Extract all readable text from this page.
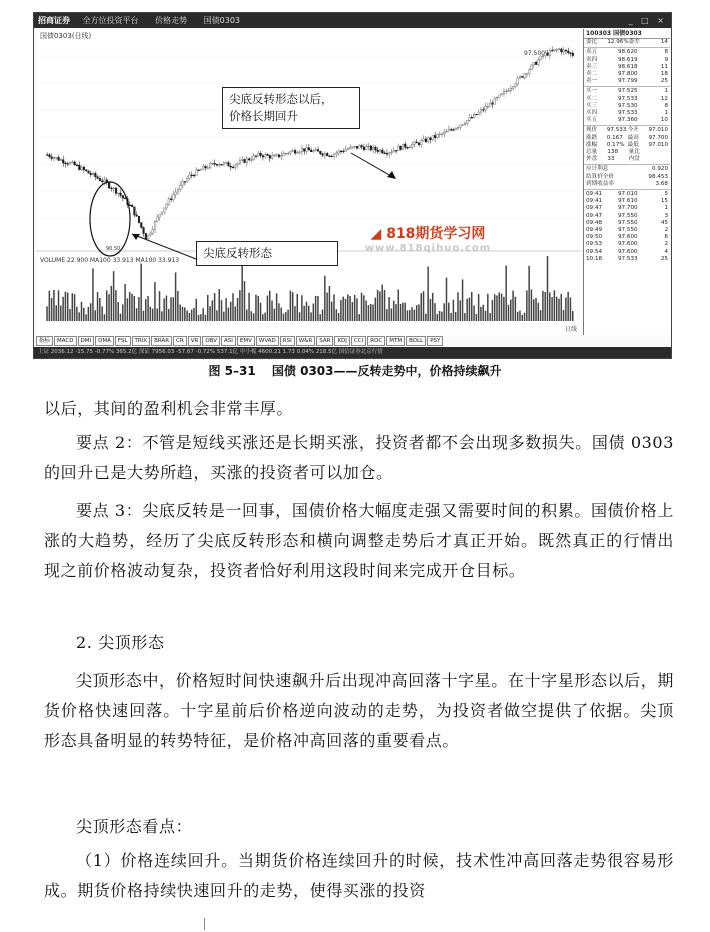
招商证券 全方位投资平台 价格走势 国债0303	_ □ ×
国债0303(日线)
97.500
90.50
VOLUME 22.900 MA100 33.913 MA100 33.913
日线
尖底反转形态以后，
价格长期回升
尖底反转形态
◢ 818期货学习网
www.818qihuo.com
100303 国债0303
委比	12.96% 委差	14
卖五	98.620	8
卖四	98.619	9
卖三	98.618	11
卖二	97.800	18
卖一	97.799	25
买一	97.525	1
买二	97.533	12
买三	97.530	8
买四	97.533	1
买五	97.360	10
现价	97.533 今开	97.010
涨跌	0.167 最高	97.700
涨幅	0.17% 最低	97.010
总量	138	量比
外盘	33	内盘
应计利息	0.920
结算价全价	98.453
到期收益率	3.68
09:41	97.010	5
09:41	97.610	15
09:47	97.700	1
09:47	97.550	3
09:48	97.550	45
09:49	97.550	2
09:50	97.600	6
09:53	97.600	2
09:54	97.600	4
10:18	97.533	25
指标 MACD DMI DMA FSL TRIX BRAR CR VR OBV ASI EMV WVAD RSI W&R SAR KDJ CCI ROC MTM BOLL PSY
上证 2036.12 -15.75 -0.77% 365.2亿 深证 7956.03 -57.67 -0.72% 537.1亿 中小板 4600.21 1.73 0.04% 218.5亿 国信证券北京行情
图 5–31 国债 0303——反转走势中，价格持续飙升

以后，其间的盈利机会非常丰厚。

要点 2：不管是短线买涨还是长期买涨，投资者都不会出现多数损失。国债 0303 的回升已是大势所趋，买涨的投资者可以加仓。

要点 3：尖底反转是一回事，国债价格大幅度走强又需要时间的积累。国债价格上涨的大趋势，经历了尖底反转形态和横向调整走势后才真正开始。既然真正的行情出现之前价格波动复杂，投资者恰好利用这段时间来完成开仓目标。

2. 尖顶形态

尖顶形态中，价格短时间快速飙升后出现冲高回落十字星。在十字星形态以后，期货价格快速回落。十字星前后价格逆向波动的走势，为投资者做空提供了依据。尖顶形态具备明显的转势特征，是价格冲高回落的重要看点。

尖顶形态看点：

（1）价格连续回升。当期货价格连续回升的时候，技术性冲高回落走势很容易形成。期货价格持续快速回升的走势，使得买涨的投资
